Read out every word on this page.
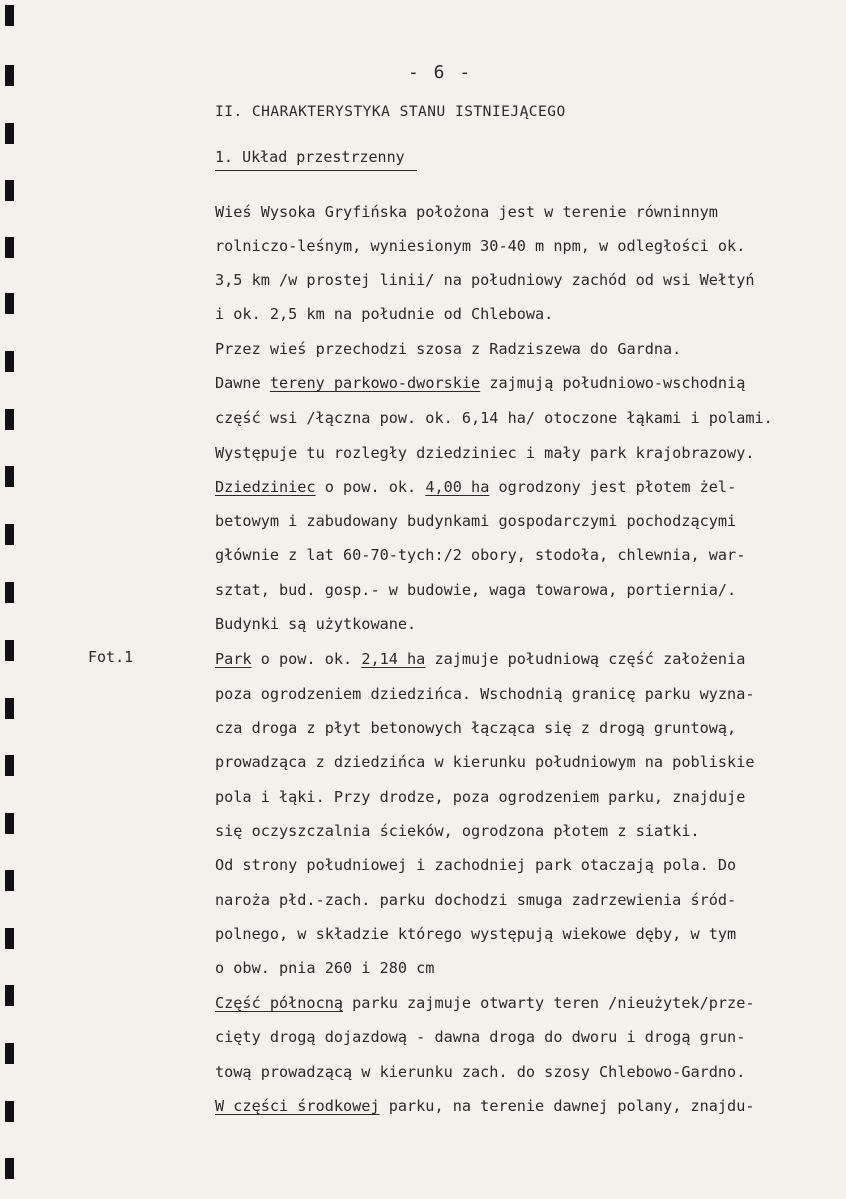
- 6 -
II. CHARAKTERYSTYKA STANU ISTNIEJĄCEGO
1. Układ przestrzenny
Fot.1
Wieś Wysoka Gryfińska położona jest w terenie równinnym
rolniczo-leśnym, wyniesionym 30-40 m npm, w odległości ok.
3,5 km /w prostej linii/ na południowy zachód od wsi Wełtyń
i ok. 2,5 km na południe od Chlebowa.
Przez wieś przechodzi szosa z Radziszewa do Gardna.
Dawne tereny parkowo-dworskie zajmują południowo-wschodnią
część wsi /łączna pow. ok. 6,14 ha/ otoczone łąkami i polami.
Występuje tu rozległy dziedziniec i mały park krajobrazowy.
Dziedziniec o pow. ok. 4,00 ha ogrodzony jest płotem żel-
betowym i zabudowany budynkami gospodarczymi pochodzącymi
głównie z lat 60-70-tych:/2 obory, stodoła, chlewnia, war-
sztat, bud. gosp.- w budowie, waga towarowa, portiernia/.
Budynki są użytkowane.
Park o pow. ok. 2,14 ha zajmuje południową część założenia
poza ogrodzeniem dziedzińca. Wschodnią granicę parku wyzna-
cza droga z płyt betonowych łącząca się z drogą gruntową,
prowadząca z dziedzińca w kierunku południowym na pobliskie
pola i łąki. Przy drodze, poza ogrodzeniem parku, znajduje
się oczyszczalnia ścieków, ogrodzona płotem z siatki.
Od strony południowej i zachodniej park otaczają pola. Do
naroża płd.-zach. parku dochodzi smuga zadrzewienia śród-
polnego, w składzie którego występują wiekowe dęby, w tym
o obw. pnia 260 i 280 cm
Część północną parku zajmuje otwarty teren /nieużytek/prze-
cięty drogą dojazdową - dawna droga do dworu i drogą grun-
tową prowadzącą w kierunku zach. do szosy Chlebowo-Gardno.
W części środkowej parku, na terenie dawnej polany, znajdu-
